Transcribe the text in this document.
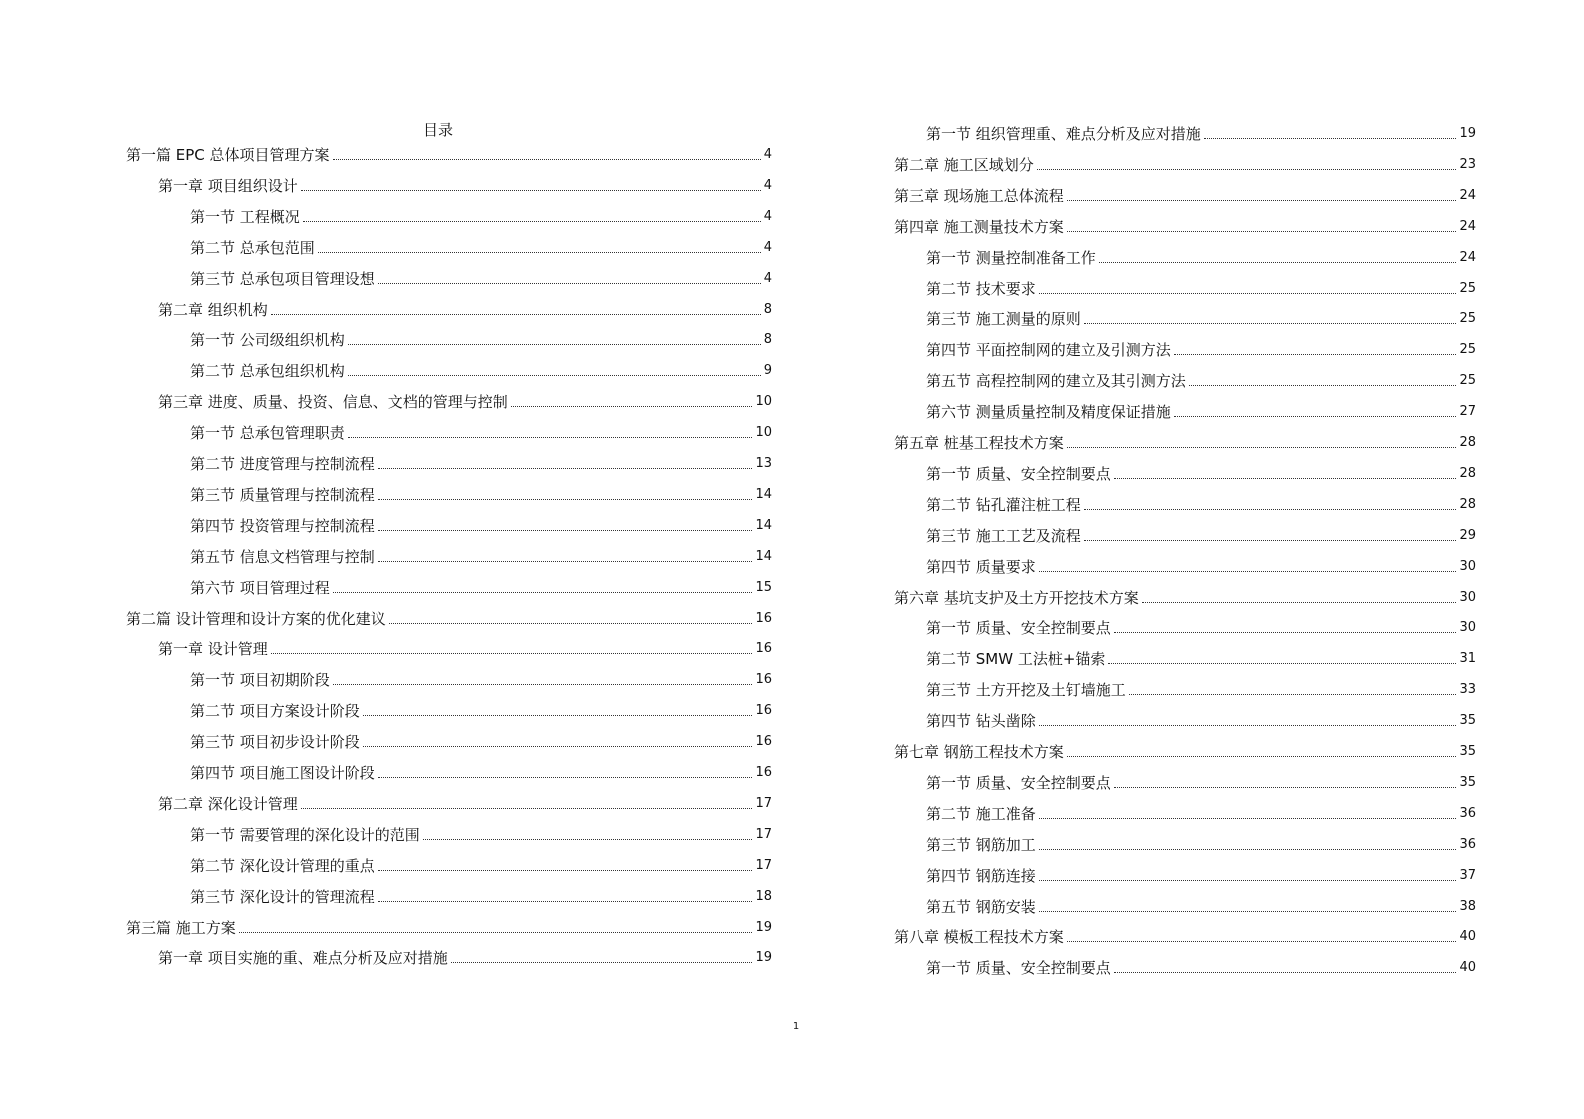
目录
第一篇 EPC 总体项目管理方案	4
第一章 项目组织设计	4
第一节 工程概况	4
第二节 总承包范围	4
第三节 总承包项目管理设想	4
第二章 组织机构	8
第一节 公司级组织机构	8
第二节 总承包组织机构	9
第三章 进度、质量、投资、信息、文档的管理与控制	10
第一节 总承包管理职责	10
第二节 进度管理与控制流程	13
第三节 质量管理与控制流程	14
第四节 投资管理与控制流程	14
第五节 信息文档管理与控制	14
第六节 项目管理过程	15
第二篇 设计管理和设计方案的优化建议	16
第一章 设计管理	16
第一节 项目初期阶段	16
第二节 项目方案设计阶段	16
第三节 项目初步设计阶段	16
第四节 项目施工图设计阶段	16
第二章 深化设计管理	17
第一节 需要管理的深化设计的范围	17
第二节 深化设计管理的重点	17
第三节 深化设计的管理流程	18
第三篇 施工方案	19
第一章 项目实施的重、难点分析及应对措施	19
第一节 组织管理重、难点分析及应对措施	19
第二章 施工区域划分	23
第三章 现场施工总体流程	24
第四章 施工测量技术方案	24
第一节 测量控制准备工作	24
第二节 技术要求	25
第三节 施工测量的原则	25
第四节 平面控制网的建立及引测方法	25
第五节 高程控制网的建立及其引测方法	25
第六节 测量质量控制及精度保证措施	27
第五章 桩基工程技术方案	28
第一节 质量、安全控制要点	28
第二节 钻孔灌注桩工程	28
第三节 施工工艺及流程	29
第四节 质量要求	30
第六章 基坑支护及土方开挖技术方案	30
第一节 质量、安全控制要点	30
第二节 SMW 工法桩+锚索	31
第三节 土方开挖及土钉墙施工	33
第四节 钻头凿除	35
第七章 钢筋工程技术方案	35
第一节 质量、安全控制要点	35
第二节 施工准备	36
第三节 钢筋加工	36
第四节 钢筋连接	37
第五节 钢筋安装	38
第八章 模板工程技术方案	40
第一节 质量、安全控制要点	40
1
